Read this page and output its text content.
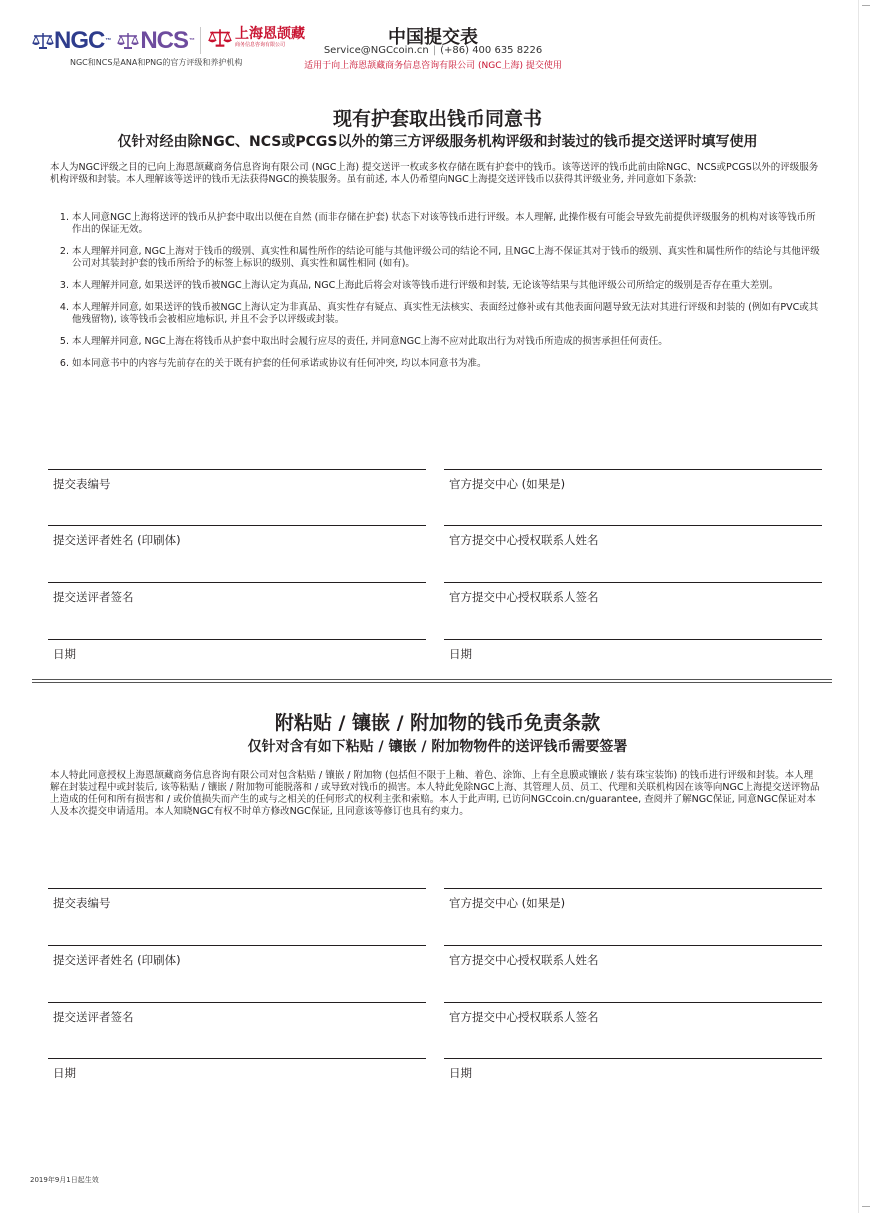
NGC ™ NCS ™	上海恩颉藏
商务信息咨询有限公司
NGC和NCS是ANA和PNG的官方评级和养护机构
中国提交表
Service@NGCcoin.cn | (+86) 400 635 8226
适用于向上海恩颉藏商务信息咨询有限公司 (NGC上海) 提交使用
现有护套取出钱币同意书
仅针对经由除NGC、NCS或PCGS以外的第三方评级服务机构评级和封装过的钱币提交送评时填写使用
本人为NGC评级之目的已向上海恩颉藏商务信息咨询有限公司 (NGC上海) 提交送评一枚或多枚存储在既有护套中的钱币。该等送评的钱币此前由除NGC、NCS或PCGS以外的评级服务机构评级和封装。本人理解该等送评的钱币无法获得NGC的换装服务。虽有前述, 本人仍希望向NGC上海提交送评钱币以获得其评级业务, 并同意如下条款:
1. 本人同意NGC上海将送评的钱币从护套中取出以便在自然 (而非存储在护套) 状态下对该等钱币进行评级。本人理解, 此操作极有可能会导致先前提供评级服务的机构对该等钱币所作出的保证无效。
2. 本人理解并同意, NGC上海对于钱币的级别、真实性和属性所作的结论可能与其他评级公司的结论不同, 且NGC上海不保证其对于钱币的级别、真实性和属性所作的结论与其他评级公司对其装封护套的钱币所给予的标签上标识的级别、真实性和属性相同 (如有)。
3. 本人理解并同意, 如果送评的钱币被NGC上海认定为真品, NGC上海此后将会对该等钱币进行评级和封装, 无论该等结果与其他评级公司所给定的级别是否存在重大差别。
4. 本人理解并同意, 如果送评的钱币被NGC上海认定为非真品、真实性存有疑点、真实性无法核实、表面经过修补或有其他表面问题导致无法对其进行评级和封装的 (例如有PVC或其他残留物), 该等钱币会被相应地标识, 并且不会予以评级或封装。
5. 本人理解并同意, NGC上海在将钱币从护套中取出时会履行应尽的责任, 并同意NGC上海不应对此取出行为对钱币所造成的损害承担任何责任。
6. 如本同意书中的内容与先前存在的关于既有护套的任何承诺或协议有任何冲突, 均以本同意书为准。
提交表编号	官方提交中心 (如果是)
提交送评者姓名 (印刷体)	官方提交中心授权联系人姓名
提交送评者签名	官方提交中心授权联系人签名
日期	日期
附粘贴 / 镶嵌 / 附加物的钱币免责条款
仅针对含有如下粘贴 / 镶嵌 / 附加物物件的送评钱币需要签署
本人特此同意授权上海恩颉藏商务信息咨询有限公司对包含粘贴 / 镶嵌 / 附加物 (包括但不限于上釉、着色、涂饰、上有全息膜或镶嵌 / 装有珠宝装饰) 的钱币进行评级和封装。本人理解在封装过程中或封装后, 该等粘贴 / 镶嵌 / 附加物可能脱落和 / 或导致对钱币的损害。本人特此免除NGC上海、其管理人员、员工、代理和关联机构因在该等向NGC上海提交送评物品上造成的任何和所有损害和 / 或价值损失而产生的或与之相关的任何形式的权利主张和索赔。本人于此声明, 已访问NGCcoin.cn/guarantee, 查阅并了解NGC保证, 同意NGC保证对本人及本次提交申请适用。本人知晓NGC有权不时单方修改NGC保证, 且同意该等修订也具有约束力。
提交表编号	官方提交中心 (如果是)
提交送评者姓名 (印刷体)	官方提交中心授权联系人姓名
提交送评者签名	官方提交中心授权联系人签名
日期	日期
2019年9月1日起生效
